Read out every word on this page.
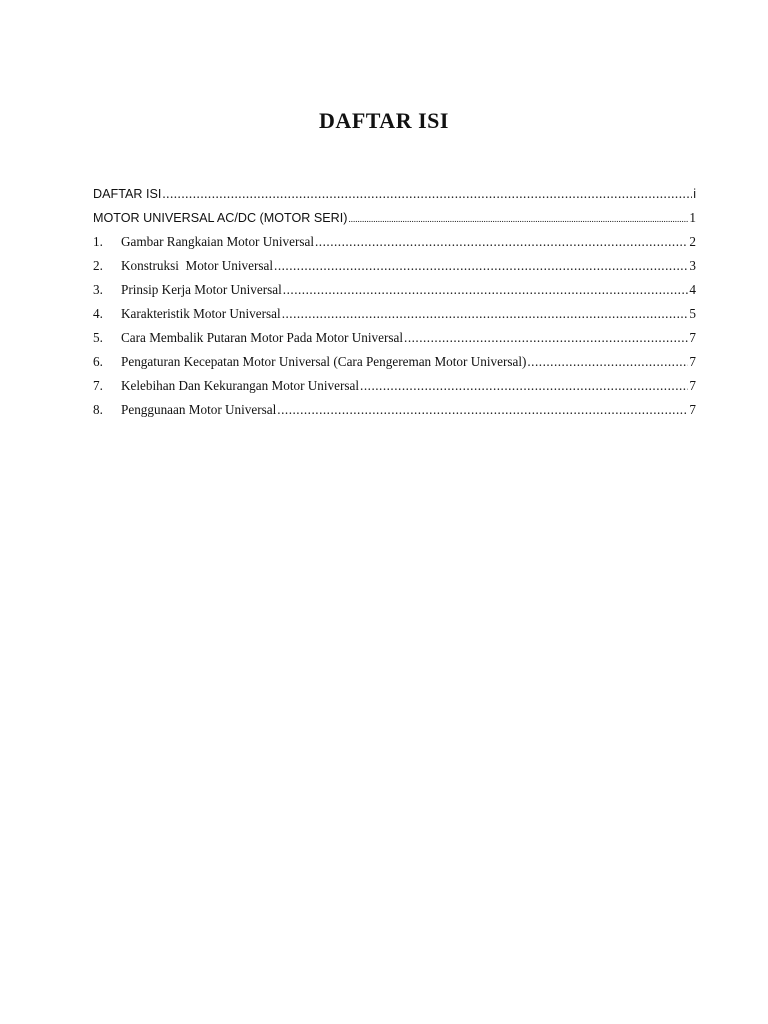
DAFTAR ISI
DAFTAR ISI .....	i
MOTOR UNIVERSAL AC/DC (MOTOR SERI) .....	1
1.	Gambar Rangkaian Motor Universal .....	2
2.	Konstruksi  Motor Universal .....	3
3.	Prinsip Kerja Motor Universal .....	4
4.	Karakteristik Motor Universal .....	5
5.	Cara Membalik Putaran Motor Pada Motor Universal .....	7
6.	Pengaturan Kecepatan Motor Universal (Cara Pengereman Motor Universal) .....	7
7.	Kelebihan Dan Kekurangan Motor Universal .....	7
8.	Penggunaan Motor Universal .....	7
